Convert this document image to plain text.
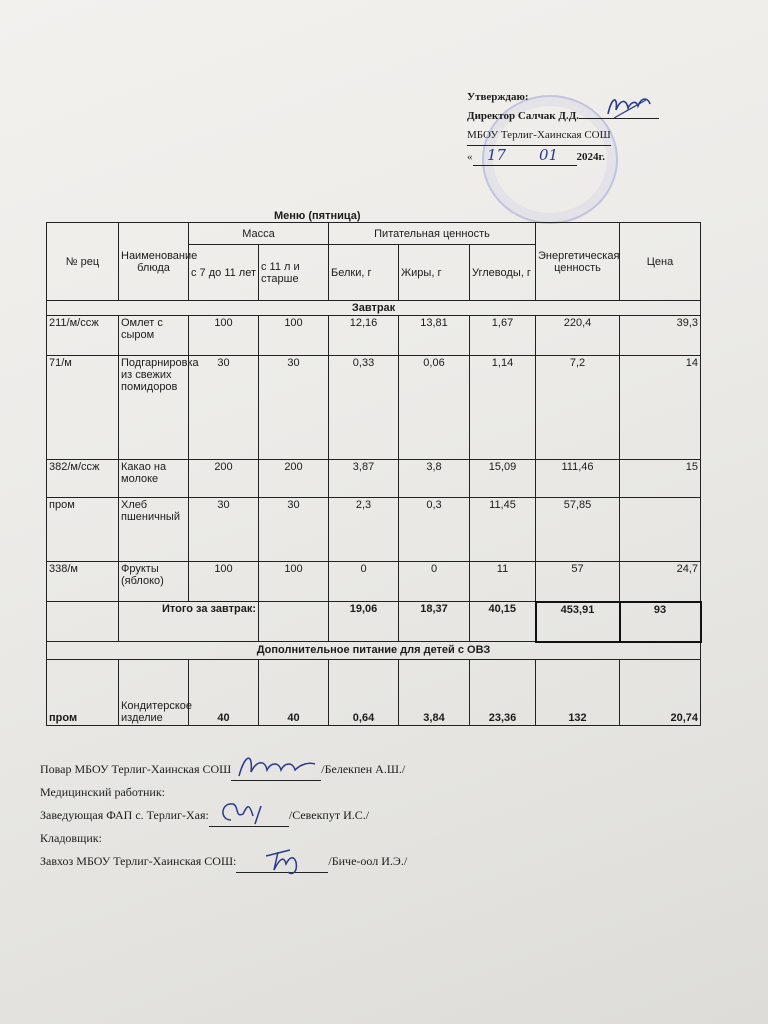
Утверждаю:
Директор Салчак Д.Д.
МБОУ Терлиг-Хаинская СОШ
« 17	01	2024г.
Меню (пятница)
№ рец	Наименование блюда	Масса		Питательная ценность			Энергетическая ценность	Цена
		с 7 до 11 лет	с 11 л и старше	Белки, г	Жиры, г	Углеводы, г		
Завтрак								
211/м/ссж	Омлет с сыром	100	100	12,16	13,81	1,67	220,4	39,3
71/м	Подгарнировка из свежих помидоров	30	30	0,33	0,06	1,14	7,2	14
382/м/ссж	Какао на молоке	200	200	3,87	3,8	15,09	111,46	15
пром	Хлеб пшеничный	30	30	2,3	0,3	11,45	57,85	
338/м	Фрукты (яблоко)	100	100	0	0	11	57	24,7
	Итого за завтрак:			19,06	18,37	40,15	453,91	93
Дополнительное питание для детей с ОВЗ								
пром	Кондитерское изделие	40	40	0,64	3,84	23,36	132	20,74
Повар МБОУ Терлиг-Хаинская СОШ	/Белекпен А.Ш./
Медицинский работник:
Заведующая ФАП с. Терлиг-Хая:	/Севекпут И.С./
Кладовщик:
Завхоз МБОУ Терлиг-Хаинская СОШ:	/Биче-оол И.Э./
